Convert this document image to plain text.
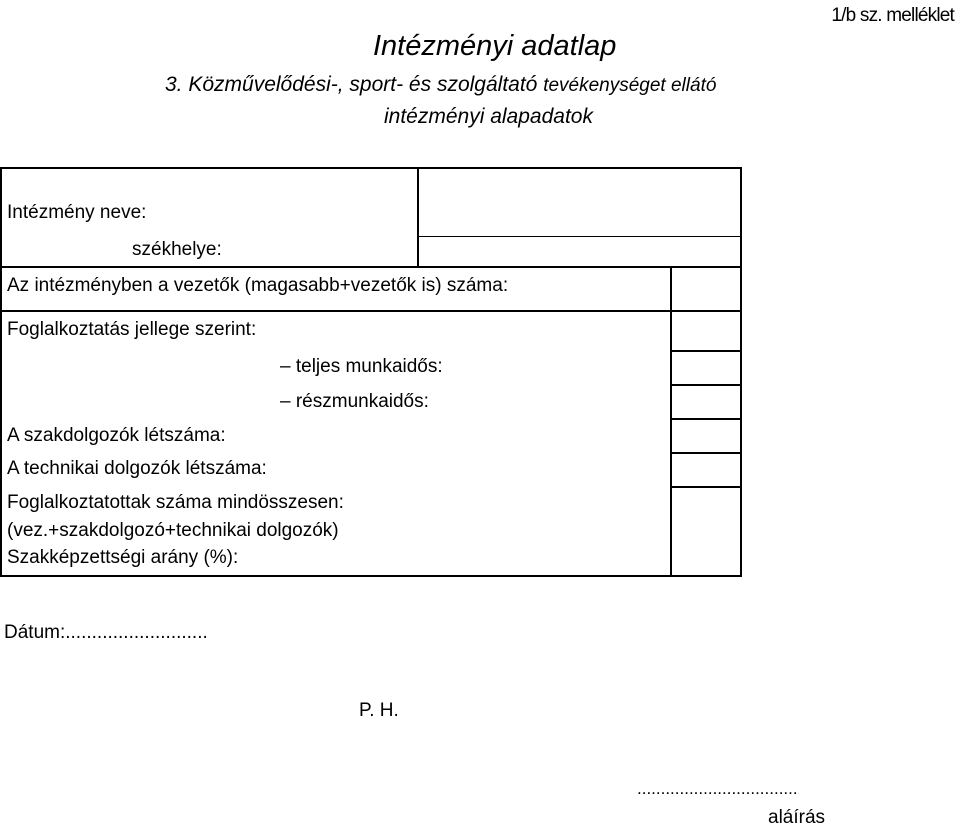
1/b sz. melléklet
Intézményi adatlap
3. Közművelődési-, sport- és szolgáltató tevékenységet ellátó
intézményi alapadatok
Intézmény neve:
székhelye:
Az intézményben a vezetők (magasabb+vezetők is) száma:
Foglalkoztatás jellege szerint:
– teljes munkaidős:
– részmunkaidős:
A szakdolgozók létszáma:
A technikai dolgozók létszáma:
Foglalkoztatottak száma mindösszesen:
(vez.+szakdolgozó+technikai dolgozók)
Szakképzettségi arány (%):
Dátum:...........................
P. H.
..................................
aláírás
